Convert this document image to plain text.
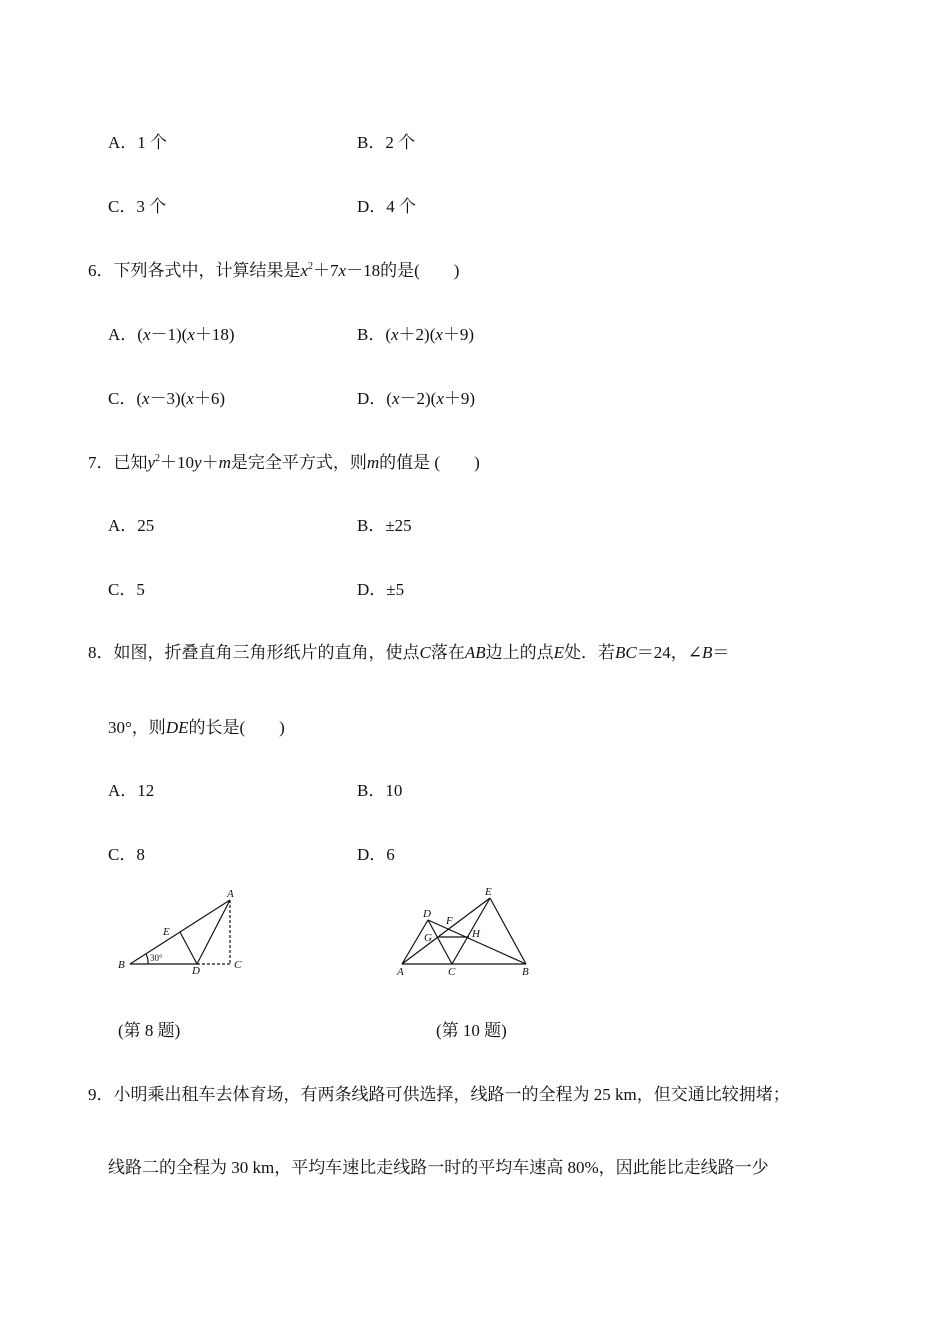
A．1 个	B．2 个
C．3 个	D．4 个
6．下列各式中，计算结果是$x^2+7x-18$的是(　　)
A．(x－1)(x＋18)	B．(x＋2)(x＋9)
C．(x－3)(x＋6)	D．(x－2)(x＋9)
7．已知$y^2+10y+m$是完全平方式，则m的值是 (　　)
A．25	B．±25
C．5	D．±5
8．如图，折叠直角三角形纸片的直角，使点C落在AB边上的点E处．若BC＝24，∠B＝
30°，则DE的长是(　　)
A．12	B．10
C．8	D．6
A
B	C
D
E
30°
(第 8 题)
E
D
F
G	H
A	C	B
(第 10 题)
9．小明乘出租车去体育场，有两条线路可供选择，线路一的全程为 25 km，但交通比较拥堵；
线路二的全程为 30 km，平均车速比走线路一时的平均车速高 80%，因此能比走线路一少
